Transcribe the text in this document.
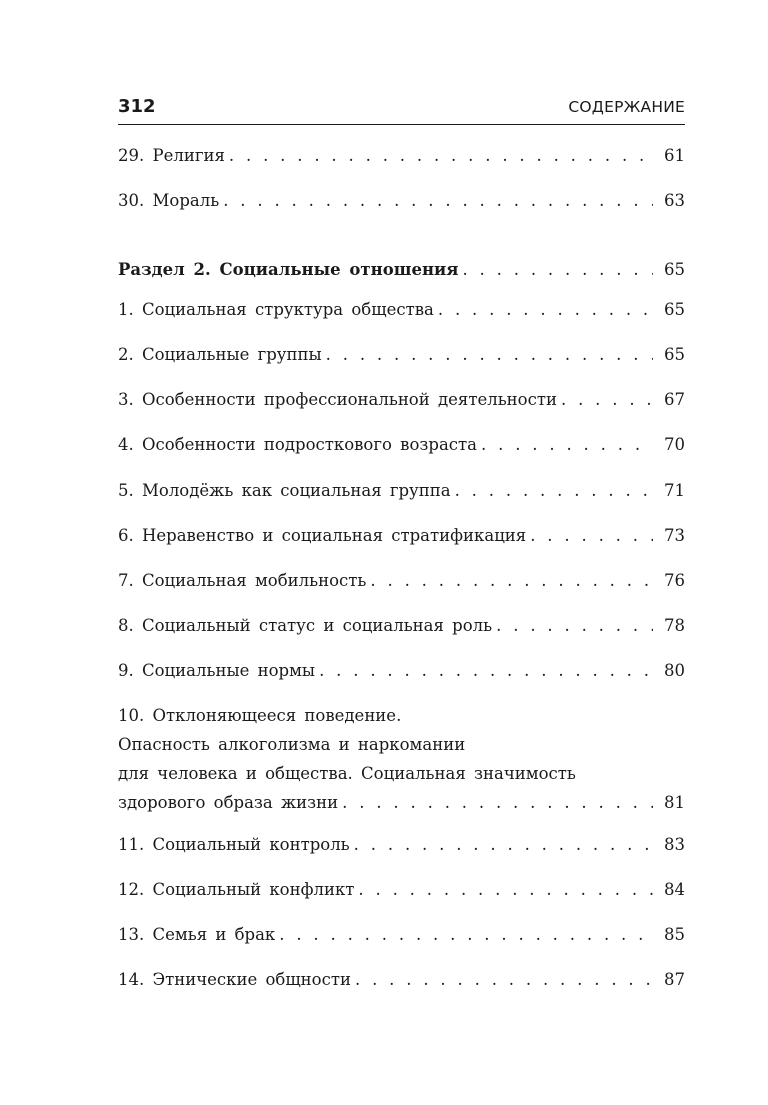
312	СОДЕРЖАНИЕ
29. Религия . . .	61
30. Мораль . . .	63
Раздел 2. Социальные отношения . . .	65
1. Социальная структура общества . . .	65
2. Социальные группы . . .	65
3. Особенности профессиональной деятельности . . .	67
4. Особенности подросткового возраста . . .	70
5. Молодёжь как социальная группа . . .	71
6. Неравенство и социальная стратификация . . .	73
7. Социальная мобильность . . .	76
8. Социальный статус и социальная роль . . .	78
9. Социальные нормы . . .	80
10. Отклоняющееся поведение.
Опасность алкоголизма и наркомании
для человека и общества. Социальная значимость
здорового образа жизни . . .	81
11. Социальный контроль . . .	83
12. Социальный конфликт . . .	84
13. Семья и брак . . .	85
14. Этнические общности . . .	87
